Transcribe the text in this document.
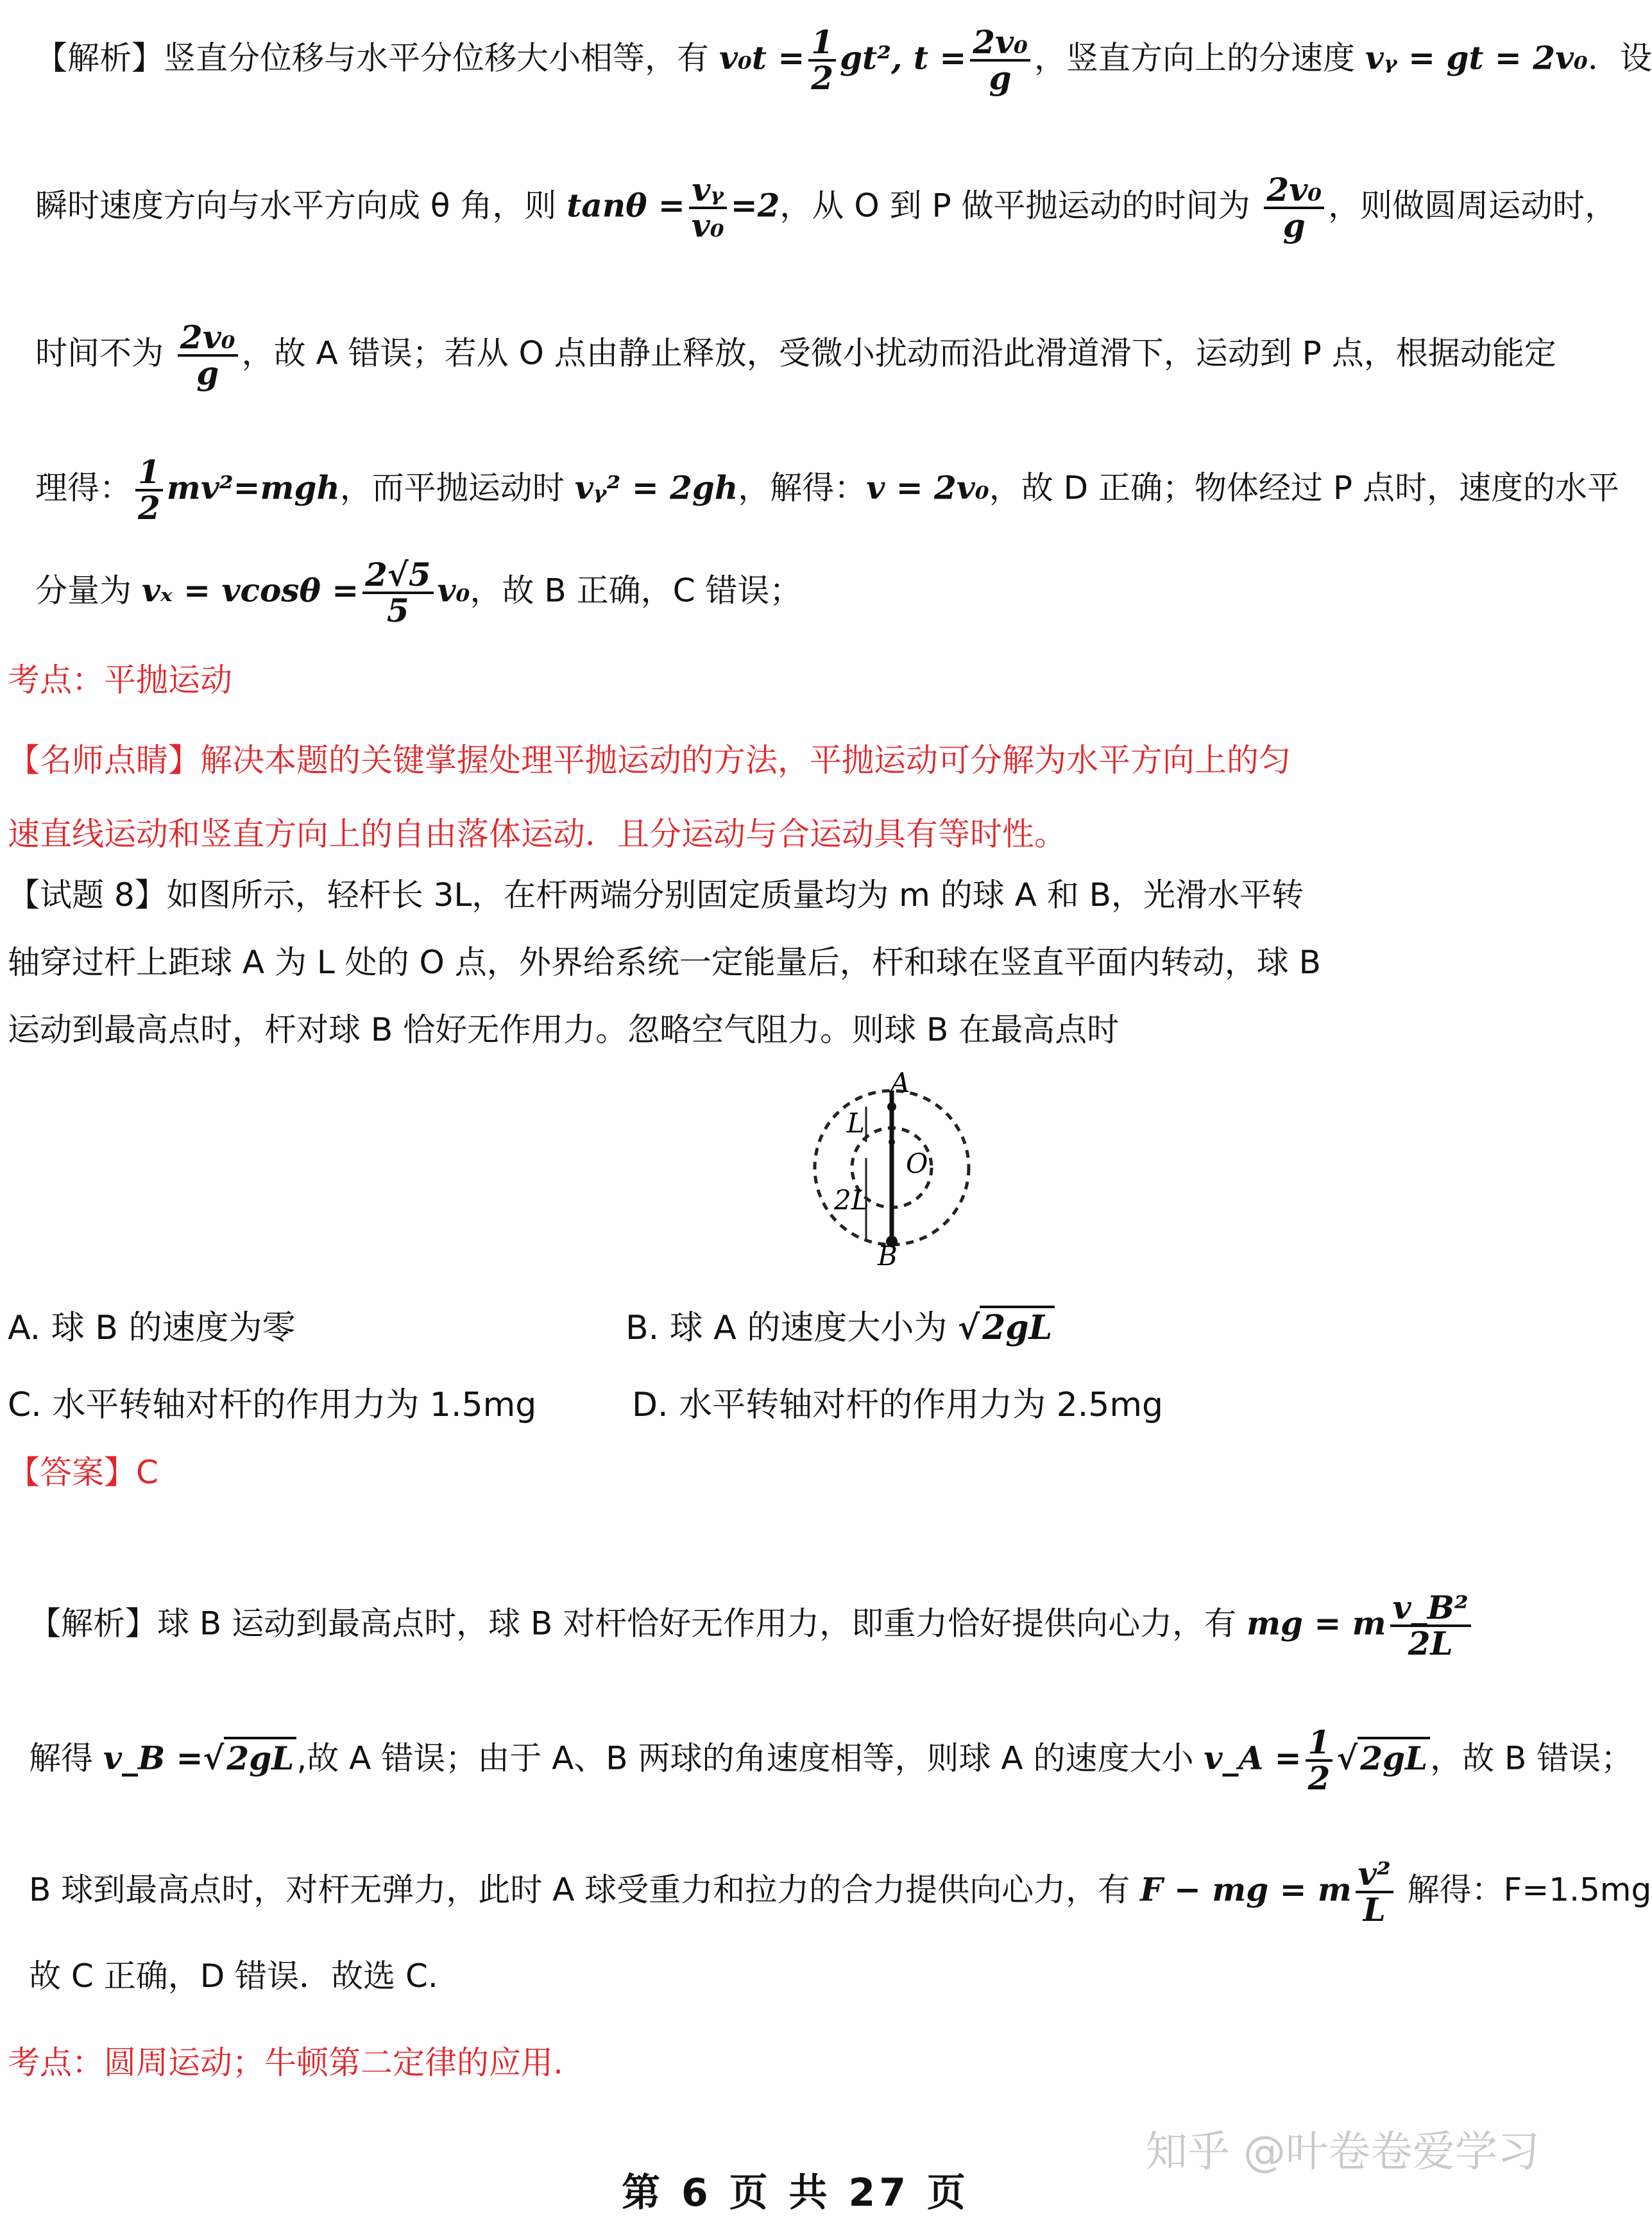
【解析】竖直分位移与水平分位移大小相等，有 $v_0t = \frac{1}{2} gt^2$, $t = \frac{\text{2v₀}}{g}$ ，竖直方向上的分速度 vᵧ = gt = 2v₀．设
瞬时速度方向与水平方向成 θ 角，则 $\tan\theta = \frac{\text{vᵧ}}{\text{v₀}} =2$，从 O 到 P 做平抛运动的时间为 $\frac{\text{2v₀}}{g}$ ，则做圆周运动时，
时间不为 $\frac{\text{2v₀}}{g}$ ，故 A 错误；若从 O 点由静止释放，受微小扰动而沿此滑道滑下，运动到 P 点，根据动能定
理得： $\frac{1}{2} mv^2=mgh$，而平抛运动时 vᵧ² = 2gh，解得：v = 2v₀，故 D 正确；物体经过 P 点时，速度的水平
分量为 $v_x = vcos\theta = \frac{2√5}{5} v_0$，故 B 正确，C 错误；
考点：平抛运动
【名师点睛】解决本题的关键掌握处理平抛运动的方法，平抛运动可分解为水平方向上的匀
速直线运动和竖直方向上的自由落体运动．且分运动与合运动具有等时性。
【试题 8】如图所示，轻杆长 3L，在杆两端分别固定质量均为 m 的球 A 和 B，光滑水平转
轴穿过杆上距球 A 为 L 处的 O 点，外界给系统一定能量后，杆和球在竖直平面内转动，球 B
运动到最高点时，杆对球 B 恰好无作用力。忽略空气阻力。则球 B 在最高点时
A
B
O
L
2L
A. 球 B 的速度为零	B. 球 A 的速度大小为 √2gL
C. 水平转轴对杆的作用力为 1.5mg	D. 水平转轴对杆的作用力为 2.5mg
【答案】C
【解析】球 B 运动到最高点时，球 B 对杆恰好无作用力，即重力恰好提供向心力，有 mg = m $\frac{\text{v\_B²}}{2L}$
解得 v_B =√2gL,故 A 错误；由于 A、B 两球的角速度相等，则球 A 的速度大小 v_A = $\frac{1}{2} √2gL$，故 B 错误；
B 球到最高点时，对杆无弹力，此时 A 球受重力和拉力的合力提供向心力，有 F − mg = m $\frac{\text{v²}}{L}$ 解得：F=1.5mg
故 C 正确，D 错误．故选 C.
考点：圆周运动；牛顿第二定律的应用.
知乎 @叶卷卷爱学习
第 6 页 共 27 页
